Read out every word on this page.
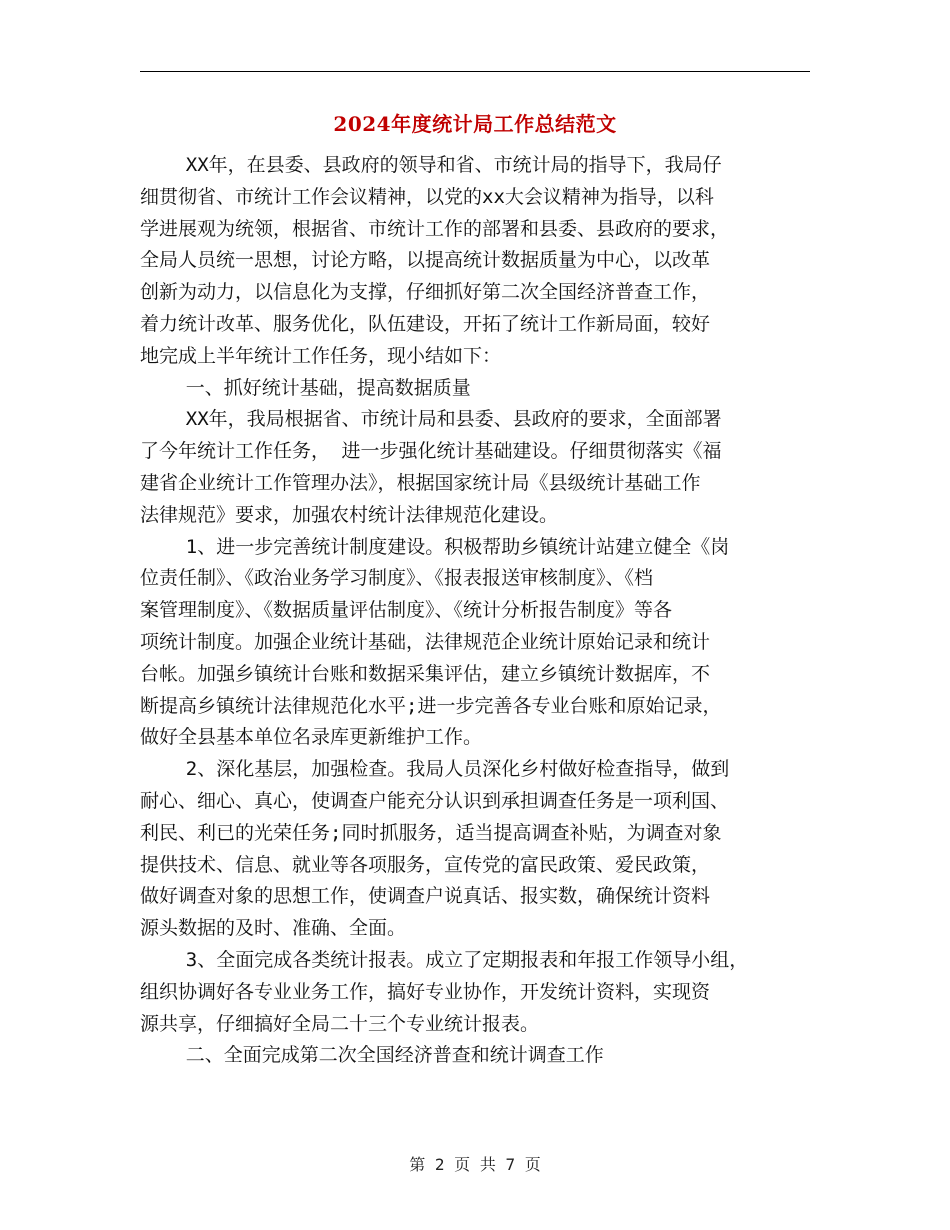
2024年度统计局工作总结范文
XX年，在县委、县政府的领导和省、市统计局的指导下，我局仔
细贯彻省、市统计工作会议精神，以党的xx大会议精神为指导，以科
学进展观为统领，根据省、市统计工作的部署和县委、县政府的要求，
全局人员统一思想，讨论方略，以提高统计数据质量为中心，以改革
创新为动力，以信息化为支撑，仔细抓好第二次全国经济普查工作，
着力统计改革、服务优化，队伍建设，开拓了统计工作新局面，较好
地完成上半年统计工作任务，现小结如下：
一、抓好统计基础，提高数据质量
XX年，我局根据省、市统计局和县委、县政府的要求，全面部署
了今年统计工作任务， 进一步强化统计基础建设。仔细贯彻落实《福
建省企业统计工作管理办法》，根据国家统计局《县级统计基础工作
法律规范》要求，加强农村统计法律规范化建设。
1、进一步完善统计制度建设。积极帮助乡镇统计站建立健全《岗
位责任制》、《政治业务学习制度》、《报表报送审核制度》、《档
案管理制度》、《数据质量评估制度》、《统计分析报告制度》等各
项统计制度。加强企业统计基础，法律规范企业统计原始记录和统计
台帐。加强乡镇统计台账和数据采集评估，建立乡镇统计数据库，不
断提高乡镇统计法律规范化水平;进一步完善各专业台账和原始记录，
做好全县基本单位名录库更新维护工作。
2、深化基层，加强检查。我局人员深化乡村做好检查指导，做到
耐心、细心、真心，使调查户能充分认识到承担调查任务是一项利国、
利民、利已的光荣任务;同时抓服务，适当提高调查补贴，为调查对象
提供技术、信息、就业等各项服务，宣传党的富民政策、爱民政策，
做好调查对象的思想工作，使调查户说真话、报实数，确保统计资料
源头数据的及时、准确、全面。
3、全面完成各类统计报表。成立了定期报表和年报工作领导小组，
组织协调好各专业业务工作，搞好专业协作，开发统计资料，实现资
源共享，仔细搞好全局二十三个专业统计报表。
二、全面完成第二次全国经济普查和统计调查工作
第 2 页 共 7 页
